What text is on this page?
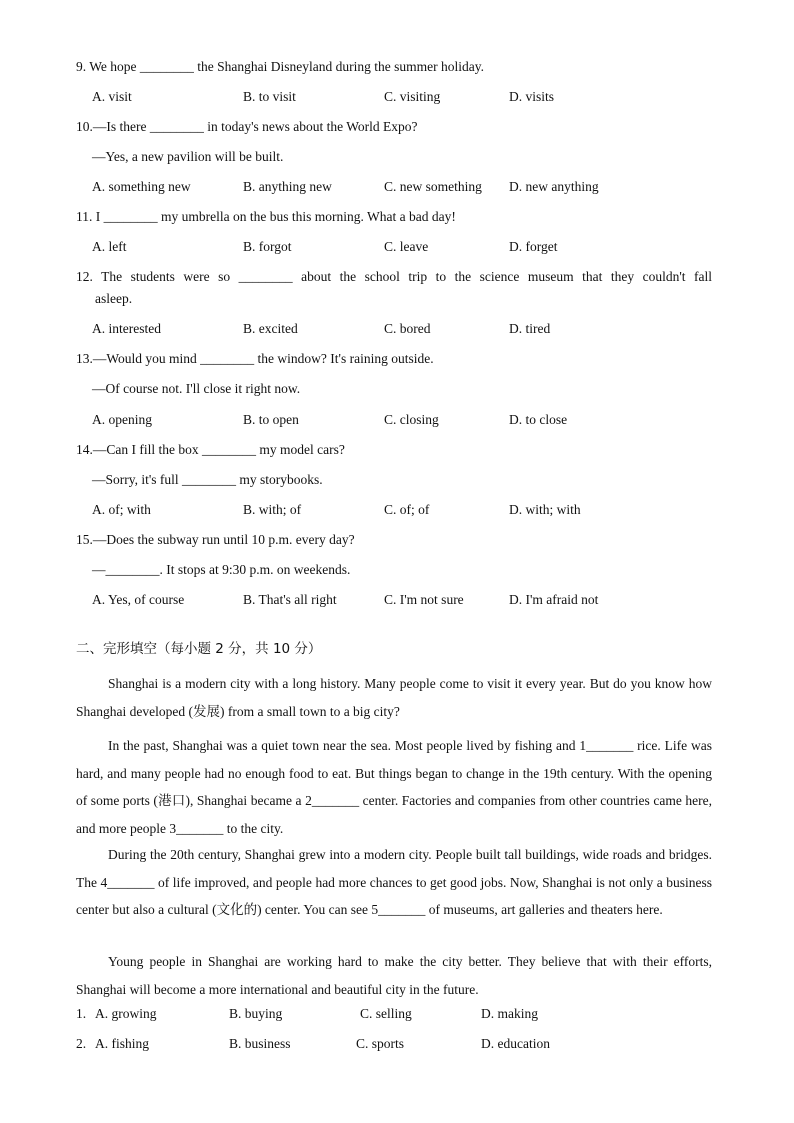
9. We hope ________ the Shanghai Disneyland during the summer holiday.
A. visit	B. to visit	C. visiting	D. visits
10.—Is there ________ in today's news about the World Expo?
—Yes, a new pavilion will be built.
A. something new	B. anything new	C. new something D. new anything
11. I ________ my umbrella on the bus this morning. What a bad day!
A. left	B. forgot	C. leave	D. forget
12. The students were so ________ about the school trip to the science museum that they couldn't fall
asleep.
A. interested	B. excited	C. bored	D. tired
13.—Would you mind ________ the window? It's raining outside.
—Of course not. I'll close it right now.
A. opening	B. to open	C. closing	D. to close
14.—Can I fill the box ________ my model cars?
—Sorry, it's full ________ my storybooks.
A. of; with	B. with; of	C. of; of	D. with; with
15.—Does the subway run until 10 p.m. every day?
—________. It stops at 9:30 p.m. on weekends.
A. Yes, of course	B. That's all right	C. I'm not sure	D. I'm afraid not
二、完形填空（每小题 2 分，共 10 分）
Shanghai is a modern city with a long history. Many people come to visit it every year. But do you know how Shanghai developed (发展) from a small town to a big city?
In the past, Shanghai was a quiet town near the sea. Most people lived by fishing and 1_______ rice. Life was hard, and many people had no enough food to eat. But things began to change in the 19th century. With the opening of some ports (港口), Shanghai became a 2_______ center. Factories and companies from other countries came here, and more people 3_______ to the city.
During the 20th century, Shanghai grew into a modern city. People built tall buildings, wide roads and bridges. The 4_______ of life improved, and people had more chances to get good jobs. Now, Shanghai is not only a business center but also a cultural (文化的) center. You can see 5_______ of museums, art galleries and theaters here.
Young people in Shanghai are working hard to make the city better. They believe that with their efforts, Shanghai will become a more international and beautiful city in the future.
1. A. growing	B. buying	C. selling	D. making
2. A. fishing	B. business	C. sports	D. education
